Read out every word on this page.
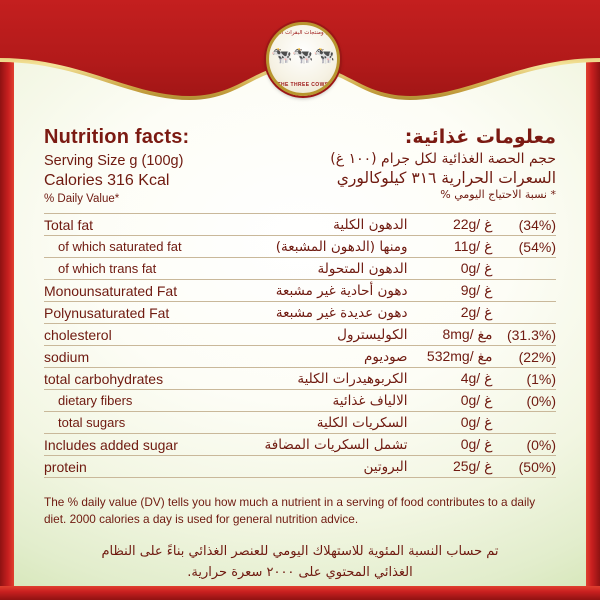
ألبان ومنتجات البقرات الثلاث
🐄🐄🐄
THE THREE COWS
Nutrition facts:
Serving Size g (100g)
Calories 316 Kcal
% Daily Value*
معلومات غذائية:
حجم الحصة الغذائية لكل جرام (١٠٠ غ)
السعرات الحرارية ٣١٦ كيلوكالوري
* نسبة الاحتياج اليومي %
Total fat	الدهون الكلية	22g/ غ	(34%)
of which saturated fat	ومنها (الدهون المشبعة)	11g/ غ	(54%)
of which trans fat	الدهون المتحولة	0g/ غ	
Monounsaturated Fat	دهون أحادية غير مشبعة	9g/ غ	
Polynusaturated Fat	دهون عديدة غير مشبعة	2g/ غ	
cholesterol	الكوليسترول	8mg/ مغ	(31.3%)
sodium	صوديوم	532mg/ مغ	(22%)
total carbohydrates	الكربوهيدرات الكلية	4g/ غ	(1%)
dietary fibers	الالياف غذائية	0g/ غ	(0%)
total sugars	السكريات الكلية	0g/ غ	
Includes added sugar	تشمل السكريات المضافة	0g/ غ	(0%)
protein	البروتين	25g/ غ	(50%)
The % daily value (DV) tells you how much a nutrient in a serving of food contributes to a daily diet. 2000 calories a day is used for general nutrition advice.
تم حساب النسبة المئوية للاستهلاك اليومي للعنصر الغذائي بناءً على النظام
الغذائي المحتوي على ٢٠٠٠ سعرة حرارية.
